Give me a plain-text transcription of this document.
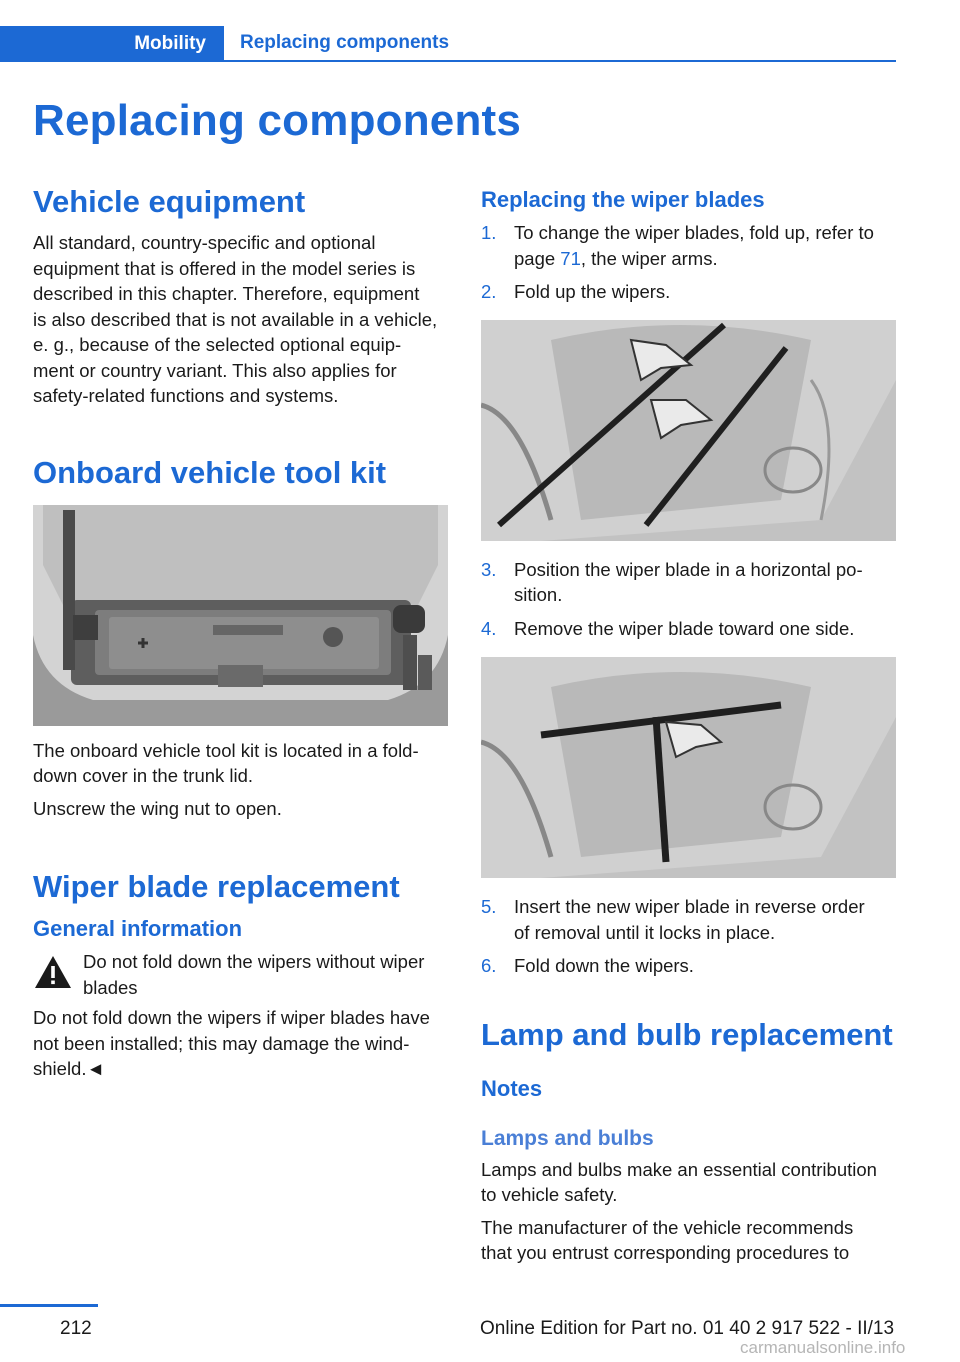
Mobility	Replacing components
Replacing components
Vehicle equipment

All standard, country-specific and optional
equipment that is offered in the model series is
described in this chapter. Therefore, equipment
is also described that is not available in a vehicle,
e. g., because of the selected optional equip-
ment or country variant. This also applies for
safety-related functions and systems.

Onboard vehicle tool kit

The onboard vehicle tool kit is located in a fold-
down cover in the trunk lid.

Unscrew the wing nut to open.

Wiper blade replacement
General information

Do not fold down the wipers without wiper
blades

Do not fold down the wipers if wiper blades have
not been installed; this may damage the wind-
shield.◄

Replacing the wiper blades
1. To change the wiper blades, fold up, refer to
page 71, the wiper arms.
2. Fold up the wipers.
3. Position the wiper blade in a horizontal po-
sition.
4. Remove the wiper blade toward one side.
5. Insert the new wiper blade in reverse order
of removal until it locks in place.
6. Fold down the wipers.
Lamp and bulb replacement
Notes
Lamps and bulbs

Lamps and bulbs make an essential contribution
to vehicle safety.

The manufacturer of the vehicle recommends
that you entrust corresponding procedures to

212	Online Edition for Part no. 01 40 2 917 522 - II/13
carmanualsonline.info
